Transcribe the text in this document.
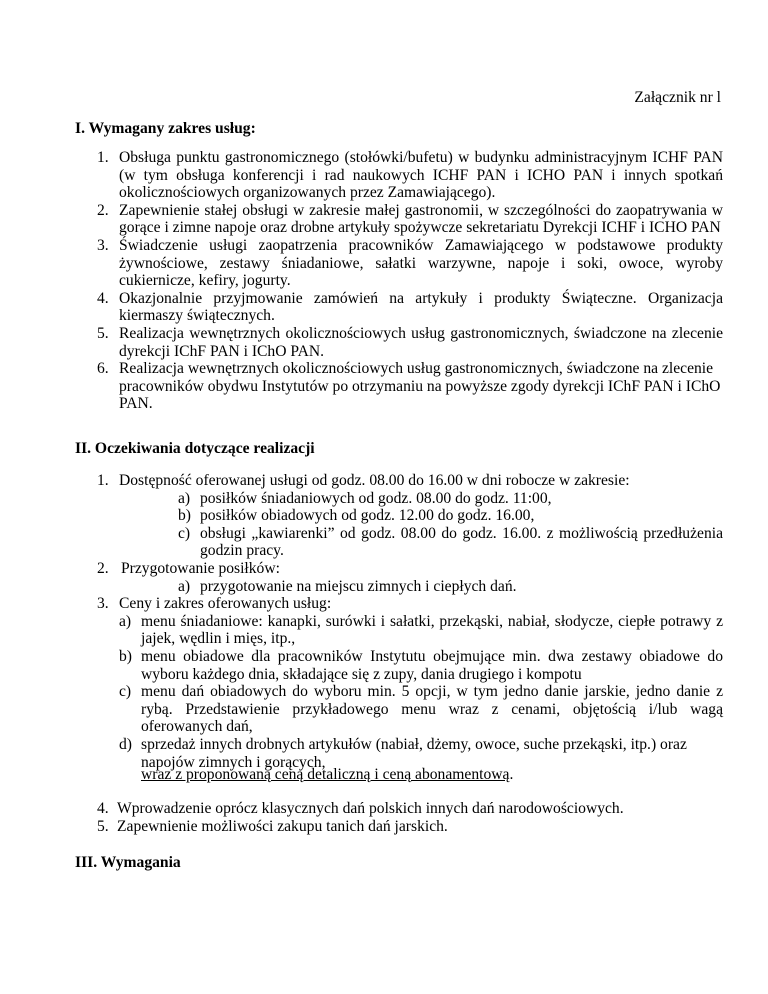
Załącznik nr l
I. Wymagany zakres usług:
1. Obsługa punktu gastronomicznego (stołówki/bufetu) w budynku administracyjnym ICHF PAN (w tym obsługa konferencji i rad naukowych ICHF PAN i ICHO PAN i innych spotkań okolicznościowych organizowanych przez Zamawiającego).
2. Zapewnienie stałej obsługi w zakresie małej gastronomii, w szczególności do zaopatrywania w gorące i zimne napoje oraz drobne artykuły spożywcze sekretariatu Dyrekcji ICHF i ICHO PAN
3. Świadczenie usługi zaopatrzenia pracowników Zamawiającego w podstawowe produkty żywnościowe, zestawy śniadaniowe, sałatki warzywne, napoje i soki, owoce, wyroby cukiernicze, kefiry, jogurty.
4. Okazjonalnie przyjmowanie zamówień na artykuły i produkty Świąteczne. Organizacja kiermaszy świątecznych.
5. Realizacja wewnętrznych okolicznościowych usług gastronomicznych, świadczone na zlecenie dyrekcji IChF PAN i IChO PAN.
6. Realizacja wewnętrznych okolicznościowych usług gastronomicznych, świadczone na zlecenie pracowników obydwu Instytutów po otrzymaniu na powyższe zgody dyrekcji IChF PAN i IChO PAN.
II. Oczekiwania dotyczące realizacji
1. Dostępność oferowanej usługi od godz. 08.00 do 16.00 w dni robocze w zakresie:
a) posiłków śniadaniowych od godz. 08.00 do godz. 11:00,
b) posiłków obiadowych od godz. 12.00 do godz. 16.00,
c) obsługi „kawiarenki” od godz. 08.00 do godz. 16.00. z możliwością przedłużenia godzin pracy.
2. Przygotowanie posiłków:
a) przygotowanie na miejscu zimnych i ciepłych dań.
3. Ceny i zakres oferowanych usług:
a) menu śniadaniowe: kanapki, surówki i sałatki, przekąski, nabiał, słodycze, ciepłe potrawy z jajek, wędlin i mięs, itp.,
b) menu obiadowe dla pracowników Instytutu obejmujące min. dwa zestawy obiadowe do wyboru każdego dnia, składające się z zupy, dania drugiego i kompotu
c) menu dań obiadowych do wyboru min. 5 opcji, w tym jedno danie jarskie, jedno danie z rybą. Przedstawienie przykładowego menu wraz z cenami, objętością i/lub wagą oferowanych dań,
d) sprzedaż innych drobnych artykułów (nabiał, dżemy, owoce, suche przekąski, itp.) oraz napojów zimnych i gorących,
wraz z proponowaną ceną detaliczną i ceną abonamentową.
4. Wprowadzenie oprócz klasycznych dań polskich innych dań narodowościowych.
5. Zapewnienie możliwości zakupu tanich dań jarskich.
III. Wymagania
